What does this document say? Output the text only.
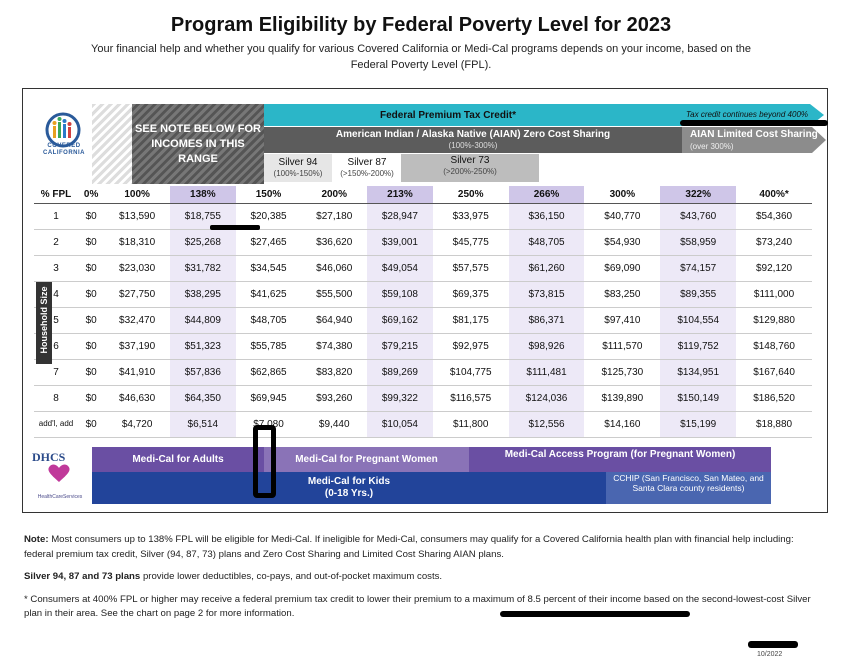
Program Eligibility by Federal Poverty Level for 2023
Your financial help and whether you qualify for various Covered California or Medi-Cal programs depends on your income, based on the Federal Poverty Level (FPL).
COVERED
CALIFORNIA
SEE NOTE BELOW FOR INCOMES IN THIS RANGE
Federal Premium Tax Credit*	Tax credit continues beyond 400%
American Indian / Alaska Native (AIAN) Zero Cost Sharing
(100%-300%)
AIAN Limited Cost Sharing
(over 300%)
Silver 94
(100%-150%)
Silver 87
(>150%-200%)
Silver 73
(>200%-250%)
% FPL	0%	100%	138%	150%	200%	213%	250%	266%	300%	322%	400%*
1	$0	$13,590	$18,755	$20,385	$27,180	$28,947	$33,975	$36,150	$40,770	$43,760	$54,360
2	$0	$18,310	$25,268	$27,465	$36,620	$39,001	$45,775	$48,705	$54,930	$58,959	$73,240
3	$0	$23,030	$31,782	$34,545	$46,060	$49,054	$57,575	$61,260	$69,090	$74,157	$92,120
4	$0	$27,750	$38,295	$41,625	$55,500	$59,108	$69,375	$73,815	$83,250	$89,355	$111,000
5	$0	$32,470	$44,809	$48,705	$64,940	$69,162	$81,175	$86,371	$97,410	$104,554	$129,880
6	$0	$37,190	$51,323	$55,785	$74,380	$79,215	$92,975	$98,926	$111,570	$119,752	$148,760
7	$0	$41,910	$57,836	$62,865	$83,820	$89,269	$104,775	$111,481	$125,730	$134,951	$167,640
8	$0	$46,630	$64,350	$69,945	$93,260	$99,322	$116,575	$124,036	$139,890	$150,149	$186,520
add'l, add	$0	$4,720	$6,514	$7,080	$9,440	$10,054	$11,800	$12,556	$14,160	$15,199	$18,880
Household Size
DHCS
HealthCareServices
Medi-Cal for Adults	Medi-Cal for Pregnant Women	Medi-Cal Access Program (for Pregnant Women)
Medi-Cal for Kids
(0-18 Yrs.)
CCHIP (San Francisco, San Mateo, and Santa Clara county residents)

Note: Most consumers up to 138% FPL will be eligible for Medi-Cal. If ineligible for Medi-Cal, consumers may qualify for a Covered California health plan with financial help including: federal premium tax credit, Silver (94, 87, 73) plans and Zero Cost Sharing and Limited Cost Sharing AIAN plans.

Silver 94, 87 and 73 plans provide lower deductibles, co-pays, and out-of-pocket maximum costs.

* Consumers at 400% FPL or higher may receive a federal premium tax credit to lower their premium to a maximum of 8.5 percent of their income based on the second-lowest-cost Silver plan in their area. See the chart on page 2 for more information.

10/2022
